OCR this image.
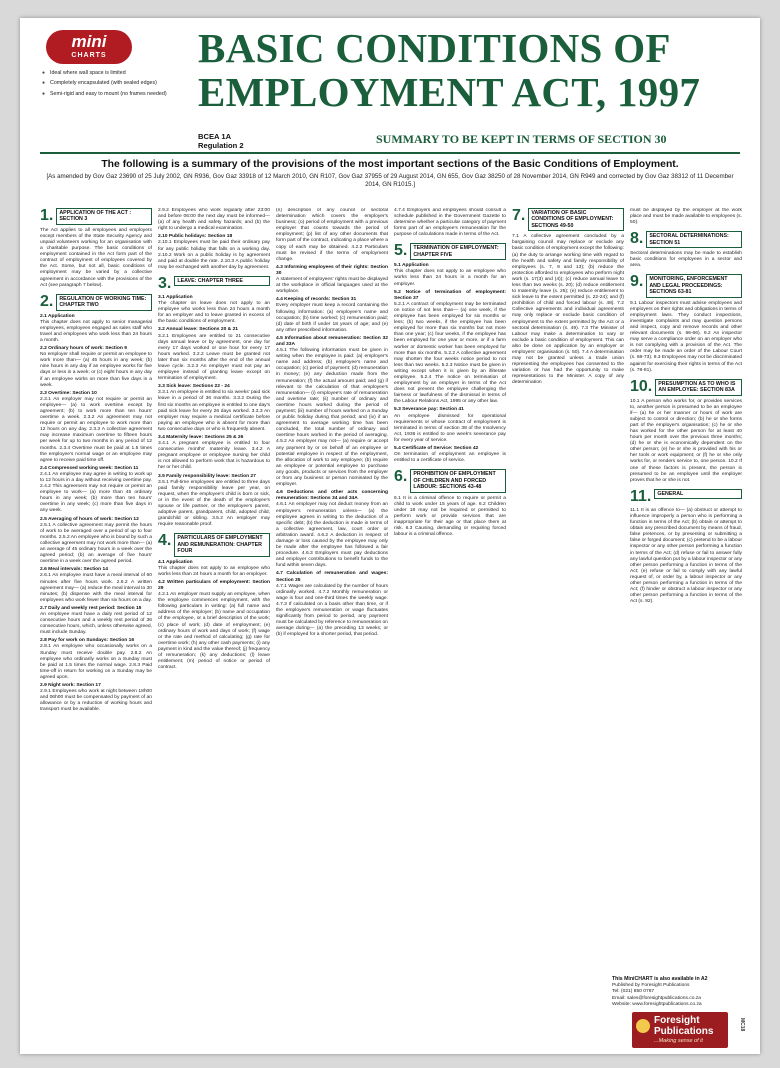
mini
CHARTS
● Ideal where wall space is limited
● Completely encapsulated (with sealed edges)
● Semi-rigid and easy to mount (no frames needed)
BASIC CONDITIONS OF
EMPLOYMENT ACT, 1997
BCEA 1A
Regulation 2	SUMMARY TO BE KEPT IN TERMS OF SECTION 30
The following is a summary of the provisions of the most important sections of the Basic Conditions of Employment.

[As amended by Gov Gaz 23690 of 25 July 2002, GN R936, Gov Gaz 33918 of 12 March 2010, GN R107, Gov Gaz 37955 of 29 August 2014, GN 655, Gov Gaz 38250 of 28 November 2014, GN R949 and corrected by Gov Gaz 38312 of 11 December 2014, GN R1015.]

1.	APPLICATION OF THE ACT : SECTION 3
The Act applies to all employees and employers except members of the State Security Agency and unpaid volunteers working for an organisation with a charitable purpose. The basic conditions of employment contained in the Act form part of the contract of employment of employees covered by the Act. Some, but not all, basic conditions of employment may be varied by a collective agreement in accordance with the provisions of the Act (see paragraph 7 below).
2.	REGULATION OF WORKING TIME: CHAPTER TWO
2.1 Application
This chapter does not apply to senior managerial employees, employees engaged as sales staff who travel and employees who work less than 24 hours a month.
2.2 Ordinary hours of work: Section 9
No employer shall require or permit an employee to work more than— (a) 45 hours in any week; (b) nine hours in any day if an employee works for five days or less in a week; or (c) eight hours in any day if an employee works on more than five days in a week.
2.3 Overtime: Section 10
2.3.1 An employer may not require or permit an employee— (a) to work overtime except by agreement; (b) to work more than ten hours' overtime a week. 2.3.2 An agreement may not require or permit an employee to work more than 12 hours on any day. 2.3.3 A collective agreement may increase maximum overtime to fifteen hours per week for up to two months in any period of 12 months. 2.3.4 Overtime must be paid at 1.5 times the employee's normal wage or an employee may agree to receive paid time off.
2.4 Compressed working week: Section 11
2.4.1 An employee may agree in writing to work up to 12 hours in a day without receiving overtime pay. 2.4.2 This agreement may not require or permit an employee to work— (a) more than 45 ordinary hours in any week; (b) more than ten hours' overtime in any week; (c) more than five days in any week.
2.5 Averaging of hours of work: Section 12
2.5.1 A collective agreement may permit the hours of work to be averaged over a period of up to four months. 2.5.2 An employee who is bound by such a collective agreement may not work more than— (a) an average of 45 ordinary hours in a week over the agreed period; (b) an average of five hours' overtime in a week over the agreed period.
2.6 Meal intervals: Section 14
2.6.1 An employee must have a meal interval of 60 minutes after five hours work. 2.6.2 A written agreement may— (a) reduce the meal interval to 30 minutes; (b) dispense with the meal interval for employees who work fewer than six hours on a day.
2.7 Daily and weekly rest period: Section 15
An employee must have a daily rest period of 12 consecutive hours and a weekly rest period of 36 consecutive hours, which, unless otherwise agreed, must include Sunday.
2.8 Pay for work on Sundays: Section 16
2.8.1 An employee who occasionally works on a Sunday must receive double pay. 2.8.2 An employee who ordinarily works on a Sunday must be paid at 1.5 times the normal wage. 2.8.3 Paid time-off in return for working on a Sunday may be agreed upon.
2.9 Night work: Section 17
2.9.1 Employees who work at night between 18h00 and 06h00 must be compensated by payment of an allowance or by a reduction of working hours and transport must be available.
2.9.2 Employees who work regularly after 23:00 and before 06:00 the next day must be informed— (a) of any health and safety hazards; and (b) the right to undergo a medical examination.
2.10 Public holidays: Section 18
2.10.1 Employees must be paid their ordinary pay for any public holiday that falls on a working day. 2.10.2 Work on a public holiday is by agreement and paid at double the rate. 2.10.3 A public holiday may be exchanged with another day by agreement.
3.	LEAVE: CHAPTER THREE
3.1 Application
The chapter on leave does not apply to an employee who works less than 24 hours a month for an employer and to leave granted in excess of the basic conditions of employment.
3.2 Annual leave: Sections 20 & 21
3.2.1 Employees are entitled to 21 consecutive days annual leave or by agreement, one day for every 17 days worked or one hour for every 17 hours worked. 3.2.2 Leave must be granted not later than six months after the end of the annual leave cycle. 3.2.3 An employer must not pay an employee instead of granting leave except on termination of employment.
3.3 Sick leave: Sections 22 - 24
3.3.1 An employee is entitled to six weeks' paid sick leave in a period of 36 months. 3.3.2 During the first six months an employee is entitled to one day's paid sick leave for every 26 days worked. 3.3.3 An employer may require a medical certificate before paying an employee who is absent for more than two consecutive days or who is frequently absent.
3.4 Maternity leave: Sections 25 & 26
3.4.1 A pregnant employee is entitled to four consecutive months' maternity leave. 3.4.2 A pregnant employee or employee nursing her child is not allowed to perform work that is hazardous to her or her child.
3.5 Family responsibility leave: Section 27
3.5.1 Full-time employees are entitled to three days paid family responsibility leave per year, on request, when the employee's child is born or sick, or in the event of the death of the employee's spouse or life partner, or the employee's parent, adoptive parent, grandparent, child, adopted child, grandchild or sibling. 3.5.2 An employer may require reasonable proof.
4.	PARTICULARS OF EMPLOYMENT AND REMUNERATION: CHAPTER FOUR
4.1 Application
This chapter does not apply to an employee who works less than 24 hours a month for an employer.
4.2 Written particulars of employment: Section 29
4.2.1 An employer must supply an employee, when the employee commences employment, with the following particulars in writing: (a) full name and address of the employer; (b) name and occupation of the employee, or a brief description of the work; (c) place of work; (d) date of employment; (e) ordinary hours of work and days of work; (f) wage or the rate and method of calculating; (g) rate for overtime work; (h) any other cash payments; (i) any payment in kind and the value thereof; (j) frequency of remuneration; (k) any deductions; (l) leave entitlement; (m) period of notice or period of contract.
(n) description of any council or sectoral determination which covers the employer's business; (o) period of employment with a previous employer that counts towards the period of employment; (p) list of any other documents that form part of the contract, indicating a place where a copy of each may be obtained. 4.2.2 Particulars must be revised if the terms of employment change.
4.3 Informing employees of their rights: Section 30
A statement of employees' rights must be displayed at the workplace in official languages used at the workplace.
4.4 Keeping of records: Section 31
Every employer must keep a record containing the following information: (a) employee's name and occupation; (b) time worked; (c) remuneration paid; (d) date of birth if under 18 years of age; and (e) any other prescribed information.
4.5 Information about remuneration: Section 32 and 33A
4.5.1 The following information must be given in writing when the employee is paid: (a) employer's name and address; (b) employee's name and occupation; (c) period of payment; (d) remuneration in money; (e) any deduction made from the remuneration; (f) the actual amount paid; and (g) if relevant to the calculation of that employee's remuneration— (i) employee's rate of remuneration and overtime rate; (ii) number of ordinary and overtime hours worked during the period of payment; (iii) number of hours worked on a Sunday or public holiday during that period; and (iv) if an agreement to average working time has been concluded, the total number of ordinary and overtime hours worked in the period of averaging. 4.5.2 An employer may not— (a) require or accept any payment by or on behalf of an employee or potential employee in respect of the employment, the allocation of work to any employee; (b) require an employee or potential employee to purchase any goods, products or services from the employer or from any business or person nominated by the employer.
4.6 Deductions and other acts concerning remuneration: Sections 34 and 34A
4.6.1 An employer may not deduct money from an employee's remuneration unless— (a) the employee agrees in writing to the deduction of a specific debt; (b) the deduction is made in terms of a collective agreement, law, court order or arbitration award. 4.6.2 A deduction in respect of damage or loss caused by the employee may only be made after the employee has followed a fair procedure. 4.6.3 Employers must pay deductions and employer contributions to benefit funds to the fund within seven days.
4.7 Calculation of remuneration and wages: Section 35
4.7.1 Wages are calculated by the number of hours ordinarily worked. 4.7.2 Monthly remuneration or wage is four and one-third times the weekly wage. 4.7.3 If calculated on a basis other than time, or if the employee's remuneration or wage fluctuates significantly from period to period, any payment must be calculated by reference to remuneration on average during— (a) the preceding 13 weeks; or (b) if employed for a shorter period, that period.
4.7.4 Employers and employees should consult a schedule published in the Government Gazette to determine whether a particular category of payment forms part of an employee's remuneration for the purpose of calculations made in terms of the Act.
5.	TERMINATION OF EMPLOYMENT: CHAPTER FIVE
5.1 Application
This chapter does not apply to an employee who works less than 24 hours in a month for an employer.
5.2 Notice of termination of employment: Section 37
5.2.1 A contract of employment may be terminated on notice of not less than— (a) one week, if the employee has been employed for six months or less; (b) two weeks, if the employee has been employed for more than six months but not more than one year; (c) four weeks, if the employee has been employed for one year or more, or if a farm worker or domestic worker has been employed for more than six months. 5.2.2 A collective agreement may shorten the four weeks notice period to not less than two weeks. 5.2.3 Notice must be given in writing except when it is given by an illiterate employee. 5.2.4 The notice on termination of employment by an employer in terms of the Act does not prevent the employee challenging the fairness or lawfulness of the dismissal in terms of the Labour Relations Act, 1995 or any other law.
5.3 Severance pay: Section 41
An employee dismissed for operational requirements or whose contract of employment is terminated in terms of section 38 of the Insolvency Act, 1936 is entitled to one week's severance pay for every year of service.
5.4 Certificate of Service: Section 42
On termination of employment an employee is entitled to a certificate of service.
6.	PROHIBITION OF EMPLOYMENT OF CHILDREN AND FORCED LABOUR: SECTIONS 43-48
6.1 It is a criminal offence to require or permit a child to work under 15 years of age. 6.2 Children under 18 may not be required or permitted to perform work or provide services that are inappropriate for their age or that place them at risk. 6.3 Causing, demanding or requiring forced labour is a criminal offence.
7.	VARIATION OF BASIC CONDITIONS OF EMPLOYMENT: SECTIONS 49-50
7.1 A collective agreement concluded by a bargaining council may replace or exclude any basic condition of employment except the following: (a) the duty to arrange working time with regard to the health and safety and family responsibility of employees (s. 7, 9 and 13); (b) reduce the protection afforded to employees who perform night work (s. 17(3) and (4)); (c) reduce annual leave to less than two weeks (s. 20); (d) reduce entitlement to maternity leave (s. 25); (e) reduce entitlement to sick leave to the extent permitted (s. 22-24); and (f) prohibition of child and forced labour (s. 48). 7.2 Collective agreements and individual agreements may only replace or exclude basic condition of employment to the extent permitted by the Act or a sectoral determination (s. 49). 7.3 The Minister of Labour may make a determination to vary or exclude a basic condition of employment. This can also be done on application by an employer or employers' organisation (s. 50). 7.4 A determination may not be granted unless a trade union representing the employees has consented to the variation or has had the opportunity to make representations to the Minister. A copy of any determination
must be displayed by the employer at the work place and must be made available to employees (s. 50).
8.	SECTORAL DETERMINATIONS: SECTION 51
Sectoral determinations may be made to establish basic conditions for employees in a sector and area.
9.	MONITORING, ENFORCEMENT AND LEGAL PROCEEDINGS: SECTIONS 63-81
9.1 Labour inspectors must advise employees and employers on their rights and obligations in terms of employment laws. They conduct inspections, investigate complaints and may question persons and inspect, copy and remove records and other relevant documents (s. 66-66). 9.2 An inspector may serve a compliance order on an employer who is not complying with a provision of the Act. The order may be made an order of the Labour Court (s. 68-73). 9.3 Employees may not be discriminated against for exercising their rights in terms of the Act (s. 78-81).
10.	PRESUMPTION AS TO WHO IS AN EMPLOYEE: SECTION 83A
10.1 A person who works for, or provides services to, another person is presumed to be an employee if— (a) he or her manner or hours of work are subject to control or direction; (b) he or she forms part of the employer's organisation; (c) he or she has worked for the other person for at least 40 hours per month over the previous three months; (d) he or she is economically dependent on the other person; (e) he or she is provided with his or her tools or work equipment; or (f) he or she only works for, or renders service to, one person. 10.2 If one of these factors is present, the person is presumed to be an employee until the employer proves that he or she is not.
11.	GENERAL
11.1 It is an offence to— (a) obstruct or attempt to influence improperly a person who is performing a function in terms of the Act; (b) obtain or attempt to obtain any prescribed document by means of fraud, false pretences, or by presenting or submitting a false or forged document; (c) pretend to be a labour inspector or any other person performing a function in terms of the Act; (d) refuse or fail to answer fully any lawful question put by a labour inspector or any other person performing a function in terms of the Act; (e) refuse or fail to comply with any lawful request of, or order by, a labour inspector or any other person performing a function in terms of the Act; (f) hinder or obstruct a labour inspector or any other person performing a function in terms of the Act (s. 92).
This MiniCHART is also available in A2
Published by Foresight Publications
Tel: (021) 850 0767
Email: sales@foresightpublications.co.za
Website: www.foresightpublications.co.za
Foresight Publications
...Making sense of it
MC18
